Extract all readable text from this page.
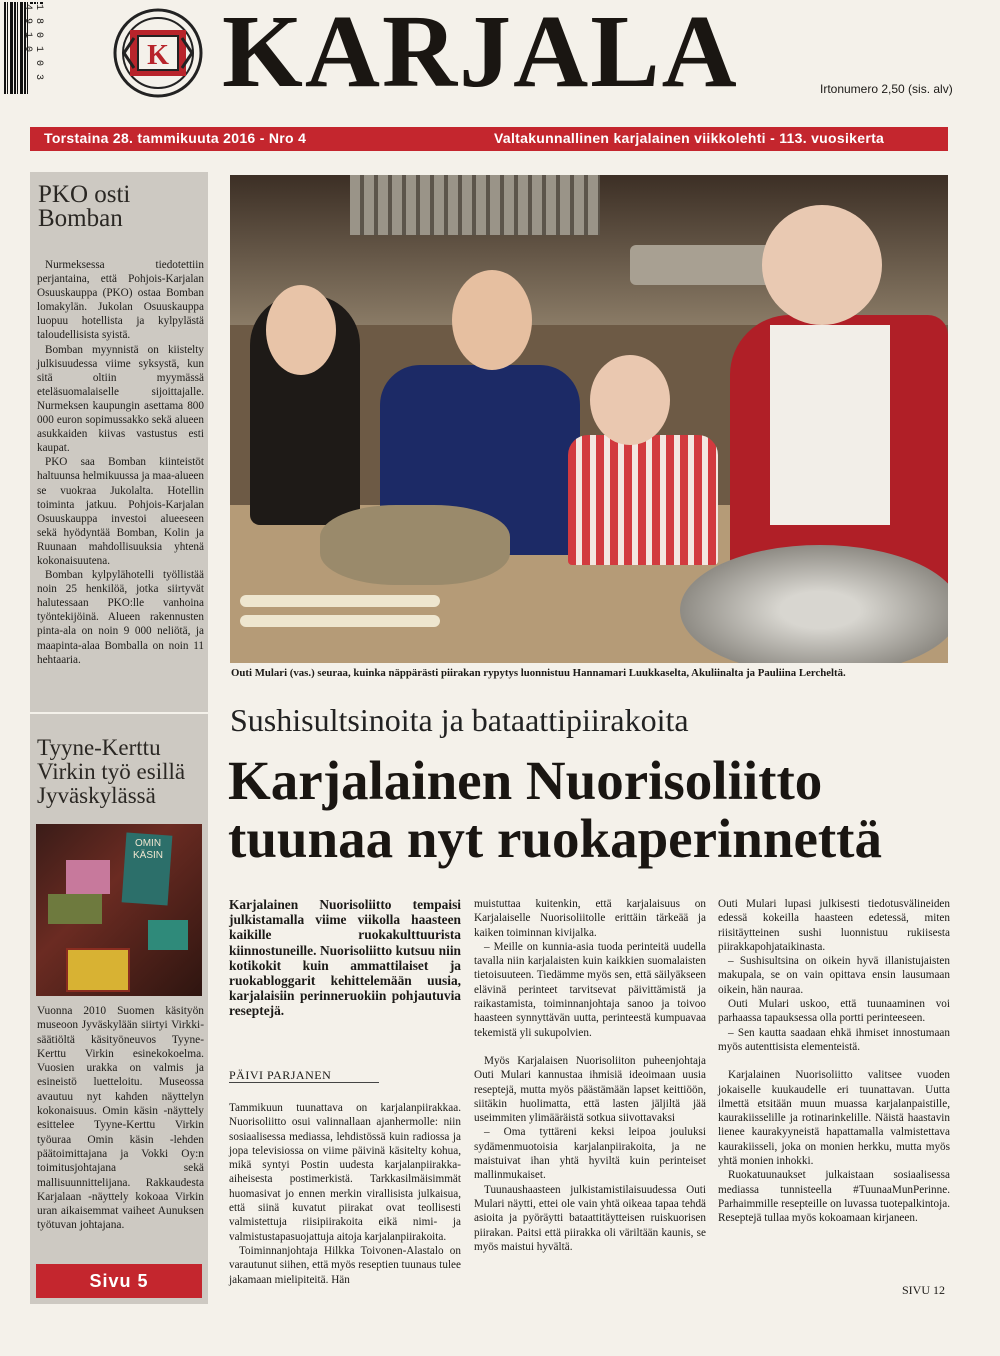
1 8 0 1 0 3 4 9 1 0
K KARJALA	Irtonumero 2,50 (sis. alv)
Torstaina 28. tammikuuta 2016 - Nro 4	Valtakunnallinen karjalainen viikkolehti - 113. vuosikerta
PKO osti
Bomban

Nurmeksessa tiedotettiin perjantaina, että Pohjois-Karjalan Osuuskauppa (PKO) ostaa Bomban lomakylän. Jukolan Osuuskauppa luopuu hotellista ja kylpylästä taloudellisista syistä.

Bomban myynnistä on kiistelty julkisuudessa viime syksystä, kun sitä oltiin myymässä eteläsuomalaiselle sijoittajalle. Nurmeksen kaupungin asettama 800 000 euron sopimussakko sekä alueen asukkaiden kiivas vastustus esti kaupat.

PKO saa Bomban kiinteistöt haltuunsa helmikuussa ja maa-alueen se vuokraa Jukolalta. Hotellin toiminta jatkuu. Pohjois-Karjalan Osuuskauppa investoi alueeseen sekä hyödyntää Bomban, Kolin ja Ruunaan mahdollisuuksia yhtenä kokonaisuutena.

Bomban kylpylähotelli työllistää noin 25 henkilöä, jotka siirtyvät halutessaan PKO:lle vanhoina työntekijöinä. Alueen rakennusten pinta-ala on noin 9 000 neliötä, ja maapinta-alaa Bomballa on noin 11 hehtaaria.

Tyyne-Kerttu
Virkin työ esillä
Jyväskylässä
OMIN KÄSIN

Vuonna 2010 Suomen käsityön museoon Jyväskylään siirtyi Virkki-säätiöltä käsityöneuvos Tyyne-Kerttu Virkin esinekokoelma. Vuosien urakka on valmis ja esineistö luetteloitu. Museossa avautuu nyt kahden näyttelyn kokonaisuus. Omin käsin -näyttely esittelee Tyyne-Kerttu Virkin työuraa Omin käsin -lehden päätoimittajana ja Vokki Oy:n toimitusjohtajana sekä mallisuunnittelijana. Rakkaudesta Karjalaan -näyttely kokoaa Virkin uran aikaisemmat vaiheet Aunuksen työtuvan johtajana.

Sivu 5
Outi Mulari (vas.) seuraa, kuinka näppärästi piirakan rypytys luonnistuu Hannamari Luukkaselta, Akuliinalta ja Pauliina Lercheltä.
Sushisultsinoita ja bataattipiirakoita
Karjalainen Nuorisoliitto
tuunaa nyt ruokaperinnettä
Karjalainen Nuorisoliitto tempaisi julkistamalla viime viikolla haasteen kaikille ruokakulttuurista kiinnostuneille. Nuorisoliitto kutsuu niin kotikokit kuin ammattilaiset ja ruokabloggarit kehittelemään uusia, karjalaisiin perinneruokiin pohjautuvia reseptejä.
PÄIVI PARJANEN

Tammikuun tuunattava on karjalanpiirakkaa. Nuorisoliitto osui valinnallaan ajanhermolle: niin sosiaalisessa mediassa, lehdistössä kuin radiossa ja jopa televisiossa on viime päivinä käsitelty kohua, mikä syntyi Postin uudesta karjalanpiirakka-aiheisesta postimerkistä. Tarkkasilmäisimmät huomasivat jo ennen merkin virallisista julkaisua, että siinä kuvatut piirakat ovat teollisesti valmistettuja riisipiirakoita eikä nimi- ja valmistustapasuojattuja aitoja karjalanpiirakoita.

Toiminnanjohtaja Hilkka Toivonen-Alastalo on varautunut siihen, että myös reseptien tuunaus tulee jakamaan mielipiteitä. Hän

muistuttaa kuitenkin, että karjalaisuus on Karjalaiselle Nuorisoliitolle erittäin tärkeää ja kaiken toiminnan kivijalka.

– Meille on kunnia-asia tuoda perinteitä uudella tavalla niin karjalaisten kuin kaikkien suomalaisten tietoisuuteen. Tiedämme myös sen, että säilyäkseen elävinä perinteet tarvitsevat päivittämistä ja raikastamista, toiminnanjohtaja sanoo ja toivoo haasteen synnyttävän uutta, perinteestä kumpuavaa tekemistä yli sukupolvien.

Myös Karjalaisen Nuorisoliiton puheenjohtaja Outi Mulari kannustaa ihmisiä ideoimaan uusia reseptejä, mutta myös päästämään lapset keittiöön, siitäkin huolimatta, että lasten jäljiltä jää useimmiten ylimääräistä sotkua siivottavaksi

– Oma tyttäreni keksi leipoa jouluksi sydämenmuotoisia karjalanpiirakoita, ja ne maistuivat ihan yhtä hyviltä kuin perinteiset mallinmukaiset.

Tuunaushaasteen julkistamistilaisuudessa Outi Mulari näytti, ettei ole vain yhtä oikeaa tapaa tehdä asioita ja pyöräytti bataattitäytteisen ruiskuorisen piirakan. Paitsi että piirakka oli väriltään kaunis, se myös maistui hyvältä.

Outi Mulari lupasi julkisesti tiedotusvälineiden edessä kokeilla haasteen edetessä, miten riisitäytteinen sushi luonnistuu rukiisesta piirakkapohjataikinasta.

– Sushisultsina on oikein hyvä illanistujaisten makupala, se on vain opittava ensin lausumaan oikein, hän nauraa.

Outi Mulari uskoo, että tuunaaminen voi parhaassa tapauksessa olla portti perinteeseen.

– Sen kautta saadaan ehkä ihmiset innostumaan myös autenttisista elementeistä.

Karjalainen Nuorisoliitto valitsee vuoden jokaiselle kuukaudelle eri tuunattavan. Uutta ilmettä etsitään muun muassa karjalanpaistille, kaurakiisselille ja rotinarinkelille. Näistä haastavin lienee kaurakyyneistä hapattamalla valmistettava kaurakiisseli, joka on monien herkku, mutta myös yhtä monien inhokki.

Ruokatuunaukset julkaistaan sosiaalisessa mediassa tunnisteella #TuunaaMunPerinne. Parhaimmille resepteille on luvassa tuotepalkintoja. Reseptejä tullaa myös kokoamaan kirjaneen.

SIVU 12
